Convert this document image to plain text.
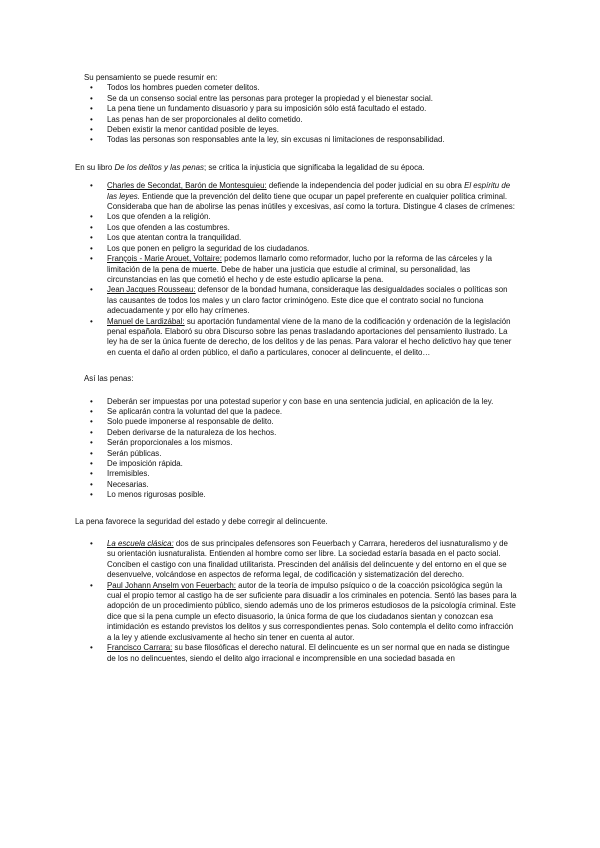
Su pensamiento se puede resumir en:

• Todos los hombres pueden cometer delitos.
• Se da un consenso social entre las personas para proteger la propiedad y el bienestar social.
• La pena tiene un fundamento disuasorio y para su imposición sólo está facultado el estado.
• Las penas han de ser proporcionales al delito cometido.
• Deben existir la menor cantidad posible de leyes.
• Todas las personas son responsables ante la ley, sin excusas ni limitaciones de responsabilidad.

En su libro De los delitos y las penas; se critica la injusticia que significaba la legalidad de su época.

• Charles de Secondat, Barón de Montesquieu: defiende la independencia del poder judicial en su obra El espíritu de las leyes. Entiende que la prevención del delito tiene que ocupar un papel preferente en cualquier política criminal. Consideraba que han de abolirse las penas inútiles y excesivas, así como la tortura. Distingue 4 clases de crímenes:
• Los que ofenden a la religión.
• Los que ofenden a las costumbres.
• Los que atentan contra la tranquilidad.
• Los que ponen en peligro la seguridad de los ciudadanos.
• François - Marie Arouet, Voltaire: podemos llamarlo como reformador, lucho por la reforma de las cárceles y la limitación de la pena de muerte. Debe de haber una justicia que estudie al criminal, su personalidad, las circunstancias en las que cometió el hecho y de este estudio aplicarse la pena.
• Jean Jacques Rousseau: defensor de la bondad humana, consideraque las desigualdades sociales o políticas son las causantes de todos los males y un claro factor criminógeno. Este dice que el contrato social no funciona adecuadamente y por ello hay crímenes.
• Manuel de Lardizábal: su aportación fundamental viene de la mano de la codificación y ordenación de la legislación penal española. Elaboró su obra Discurso sobre las penas trasladando aportaciones del pensamiento ilustrado. La ley ha de ser la única fuente de derecho, de los delitos y de las penas. Para valorar el hecho delictivo hay que tener en cuenta el daño al orden público, el daño a particulares, conocer al delincuente, el delito…

Así las penas:

• Deberán ser impuestas por una potestad superior y con base en una sentencia judicial, en aplicación de la ley.
• Se aplicarán contra la voluntad del que la padece.
• Solo puede imponerse al responsable de delito.
• Deben derivarse de la naturaleza de los hechos.
• Serán proporcionales a los mismos.
• Serán públicas.
• De imposición rápida.
• Irremisibles.
• Necesarias.
• Lo menos rigurosas posible.

La pena favorece la seguridad del estado y debe corregir al delincuente.

• La escuela clásica: dos de sus principales defensores son Feuerbach y Carrara, herederos del iusnaturalismo y de su orientación iusnaturalista. Entienden al hombre como ser libre. La sociedad estaría basada en el pacto social. Conciben el castigo con una finalidad utilitarista. Prescinden del análisis del delincuente y del entorno en el que se desenvuelve, volcándose en aspectos de reforma legal, de codificación y sistematización del derecho.
• Paul Johann Anselm von Feuerbach: autor de la teoría de impulso psíquico o de la coacción psicológica según la cual el propio temor al castigo ha de ser suficiente para disuadir a los criminales en potencia. Sentó las bases para la adopción de un procedimiento público, siendo además uno de los primeros estudiosos de la psicología criminal. Este dice que si la pena cumple un efecto disuasorio, la única forma de que los ciudadanos sientan y conozcan esa intimidación es estando previstos los delitos y sus correspondientes penas. Solo contempla el delito como infracción a la ley y atiende exclusivamente al hecho sin tener en cuenta al autor.
• Francisco Carrara: su base filosóficas el derecho natural. El delincuente es un ser normal que en nada se distingue de los no delincuentes, siendo el delito algo irracional e incomprensible en una sociedad basada en
